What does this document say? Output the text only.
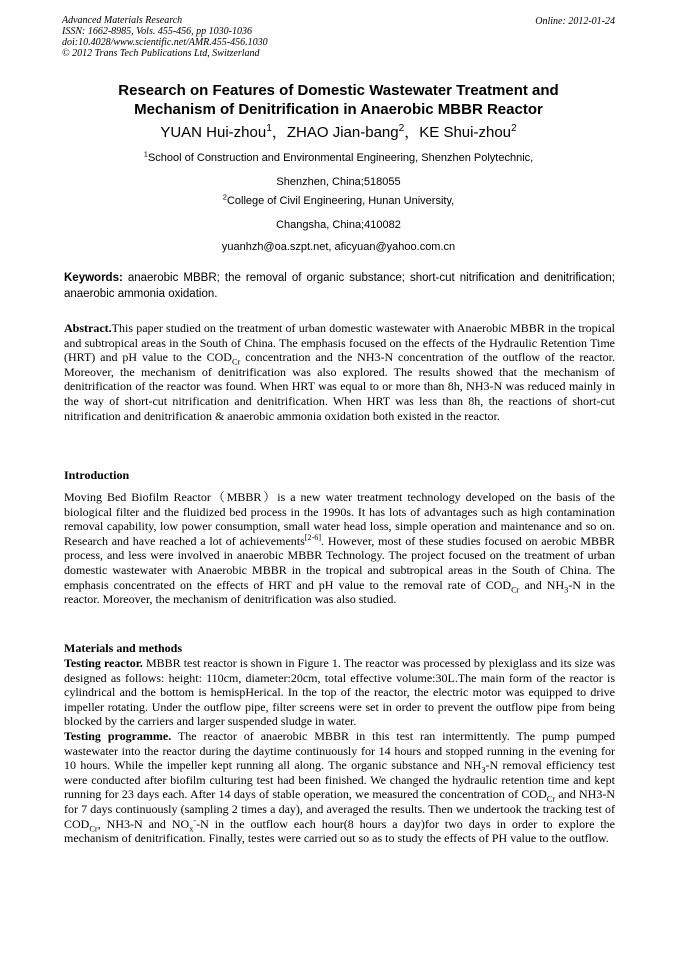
Advanced Materials Research
ISSN: 1662-8985, Vols. 455-456, pp 1030-1036
doi:10.4028/www.scientific.net/AMR.455-456.1030
© 2012 Trans Tech Publications Ltd, Switzerland
Online: 2012-01-24
Research on Features of Domestic Wastewater Treatment and
Mechanism of Denitrification in Anaerobic MBBR Reactor
YUAN Hui-zhou$^1$，ZHAO Jian-bang$^2$，KE Shui-zhou$^2$
$^1$School of Construction and Environmental Engineering, Shenzhen Polytechnic,
Shenzhen, China;518055
$^2$College of Civil Engineering, Hunan University,
Changsha, China;410082
yuanhzh@oa.szpt.net, aficyuan@yahoo.com.cn
Keywords: anaerobic MBBR; the removal of organic substance; short-cut nitrification and denitrification; anaerobic ammonia oxidation.
Abstract.This paper studied on the treatment of urban domestic wastewater with Anaerobic MBBR in the tropical and subtropical areas in the South of China. The emphasis focused on the effects of the Hydraulic Retention Time (HRT) and pH value to the $COD_{Cr}$ concentration and the NH3-N concentration of the outflow of the reactor. Moreover, the mechanism of denitrification was also explored. The results showed that the mechanism of denitrification of the reactor was found. When HRT was equal to or more than 8h, NH3-N was reduced mainly in the way of short-cut nitrification and denitrification. When HRT was less than 8h, the reactions of short-cut nitrification and denitrification & anaerobic ammonia oxidation both existed in the reactor.
Introduction
Moving Bed Biofilm Reactor（MBBR）is a new water treatment technology developed on the basis of the biological filter and the fluidized bed process in the 1990s. It has lots of advantages such as high contamination removal capability, low power consumption, small water head loss, simple operation and maintenance and so on. Research and have reached a lot of achievements[2-6]. However, most of these studies focused on aerobic MBBR process, and less were involved in anaerobic MBBR Technology. The project focused on the treatment of urban domestic wastewater with Anaerobic MBBR in the tropical and subtropical areas in the South of China. The emphasis concentrated on the effects of HRT and pH value to the removal rate of $COD_{Cr}$ and $NH_3-N$ in the reactor. Moreover, the mechanism of denitrification was also studied.
Materials and methods
Testing reactor. MBBR test reactor is shown in Figure 1. The reactor was processed by plexiglass and its size was designed as follows: height: 110cm, diameter:20cm, total effective volume:30L.The main form of the reactor is cylindrical and the bottom is hemispHerical. In the top of the reactor, the electric motor was equipped to drive impeller rotating. Under the outflow pipe, filter screens were set in order to prevent the outflow pipe from being blocked by the carriers and larger suspended sludge in water.
Testing programme. The reactor of anaerobic MBBR in this test ran intermittently. The pump pumped wastewater into the reactor during the daytime continuously for 14 hours and stopped running in the evening for 10 hours. While the impeller kept running all along. The organic substance and $NH_3-N$ removal efficiency test were conducted after biofilm culturing test had been finished. We changed the hydraulic retention time and kept running for 23 days each. After 14 days of stable operation, we measured the concentration of $COD_{Cr}$ and NH3-N for 7 days continuously (sampling 2 times a day), and averaged the results. Then we undertook the tracking test of $COD_{Cr}$, NH3-N and $NO_x^--N$ in the outflow each hour(8 hours a day)for two days in order to explore the mechanism of denitrification. Finally, testes were carried out so as to study the effects of PH value to the outflow.
